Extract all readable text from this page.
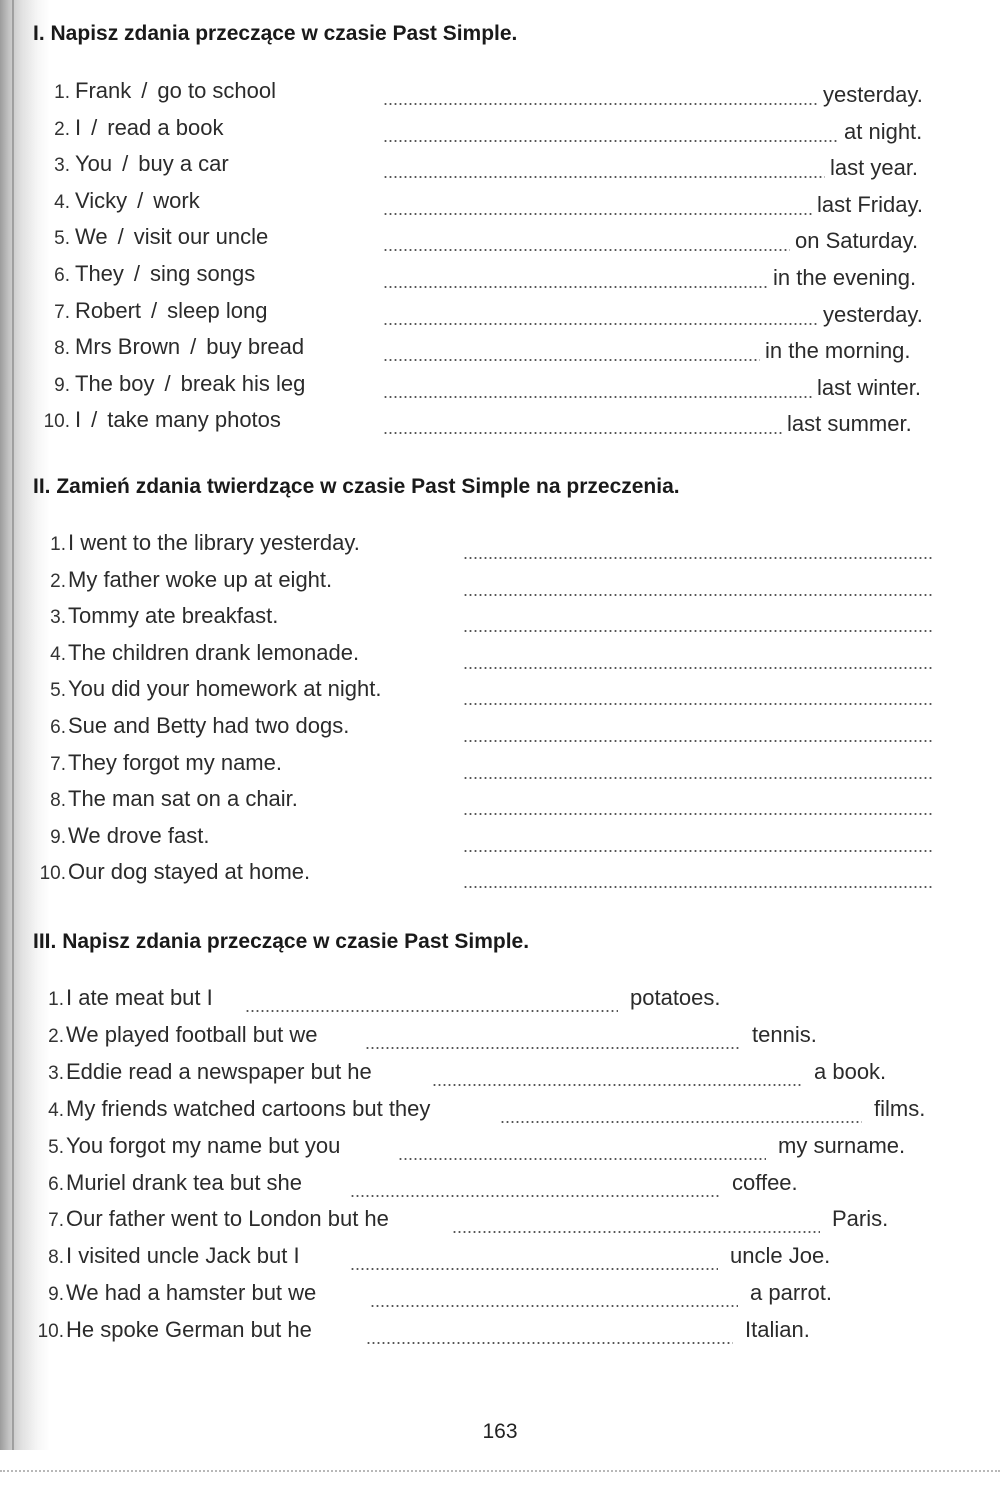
I. Napisz zdania przeczące w czasie Past Simple.
1. Frank / go to school	yesterday.
2. I / read a book	at night.
3. You / buy a car	last year.
4. Vicky / work	last Friday.
5. We / visit our uncle	on Saturday.
6. They / sing songs	in the evening.
7. Robert / sleep long	yesterday.
8. Mrs Brown / buy bread	in the morning.
9. The boy / break his leg	last winter.
10. I / take many photos	last summer.
II. Zamień zdania twierdzące w czasie Past Simple na przeczenia.
1. I went to the library yesterday.
2. My father woke up at eight.
3. Tommy ate breakfast.
4. The children drank lemonade.
5. You did your homework at night.
6. Sue and Betty had two dogs.
7. They forgot my name.
8. The man sat on a chair.
9. We drove fast.
10. Our dog stayed at home.
III. Napisz zdania przeczące w czasie Past Simple.
1. I ate meat but I	potatoes.
2. We played football but we	tennis.
3. Eddie read a newspaper but he	a book.
4. My friends watched cartoons but they	films.
5. You forgot my name but you	my surname.
6. Muriel drank tea but she	coffee.
7. Our father went to London but he	Paris.
8. I visited uncle Jack but I	uncle Joe.
9. We had a hamster but we	a parrot.
10. He spoke German but he	Italian.
163
